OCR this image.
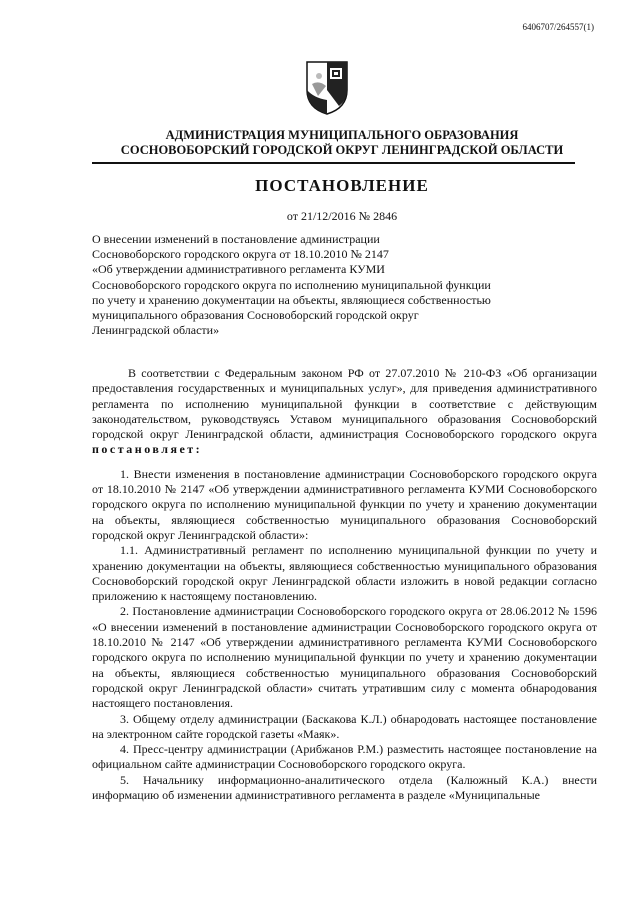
6406707/264557(1)
АДМИНИСТРАЦИЯ МУНИЦИПАЛЬНОГО ОБРАЗОВАНИЯ
СОСНОВОБОРСКИЙ ГОРОДСКОЙ ОКРУГ ЛЕНИНГРАДСКОЙ ОБЛАСТИ
ПОСТАНОВЛЕНИЕ
от 21/12/2016 № 2846
О внесении изменений в постановление администрации
Сосновоборского городского округа от 18.10.2010 № 2147
«Об утверждении административного регламента КУМИ
Сосновоборского городского округа по исполнению муниципальной функции
по учету и хранению документации на объекты, являющиеся собственностью
муниципального образования Сосновоборский городской округ
Ленинградской области»

В соответствии с Федеральным законом РФ от 27.07.2010 № 210-ФЗ «Об организации предоставления государственных и муниципальных услуг», для приведения административного регламента по исполнению муниципальной функции в соответствие с действующим законодательством, руководствуясь Уставом муниципального образования Сосновоборский городской округ Ленинградской области, администрация Сосновоборского городского округа постановляет:

1. Внести изменения в постановление администрации Сосновоборского городского округа от 18.10.2010 № 2147 «Об утверждении административного регламента КУМИ Сосновоборского городского округа по исполнению муниципальной функции по учету и хранению документации на объекты, являющиеся собственностью муниципального образования Сосновоборский городской округ Ленинградской области»:

1.1. Административный регламент по исполнению муниципальной функции по учету и хранению документации на объекты, являющиеся собственностью муниципального образования Сосновоборский городской округ Ленинградской области изложить в новой редакции согласно приложению к настоящему постановлению.

2. Постановление администрации Сосновоборского городского округа от 28.06.2012 № 1596 «О внесении изменений в постановление администрации Сосновоборского городского округа от 18.10.2010 № 2147 «Об утверждении административного регламента КУМИ Сосновоборского городского округа по исполнению муниципальной функции по учету и хранению документации на объекты, являющиеся собственностью муниципального образования Сосновоборский городской округ Ленинградской области» считать утратившим силу с момента обнародования настоящего постановления.

3. Общему отделу администрации (Баскакова К.Л.) обнародовать настоящее постановление на электронном сайте городской газеты «Маяк».

4. Пресс-центру администрации (Арибжанов Р.М.) разместить настоящее постановление на официальном сайте администрации Сосновоборского городского округа.

5. Начальнику информационно-аналитического отдела (Калюжный К.А.) внести информацию об изменении административного регламента в разделе «Муниципальные
